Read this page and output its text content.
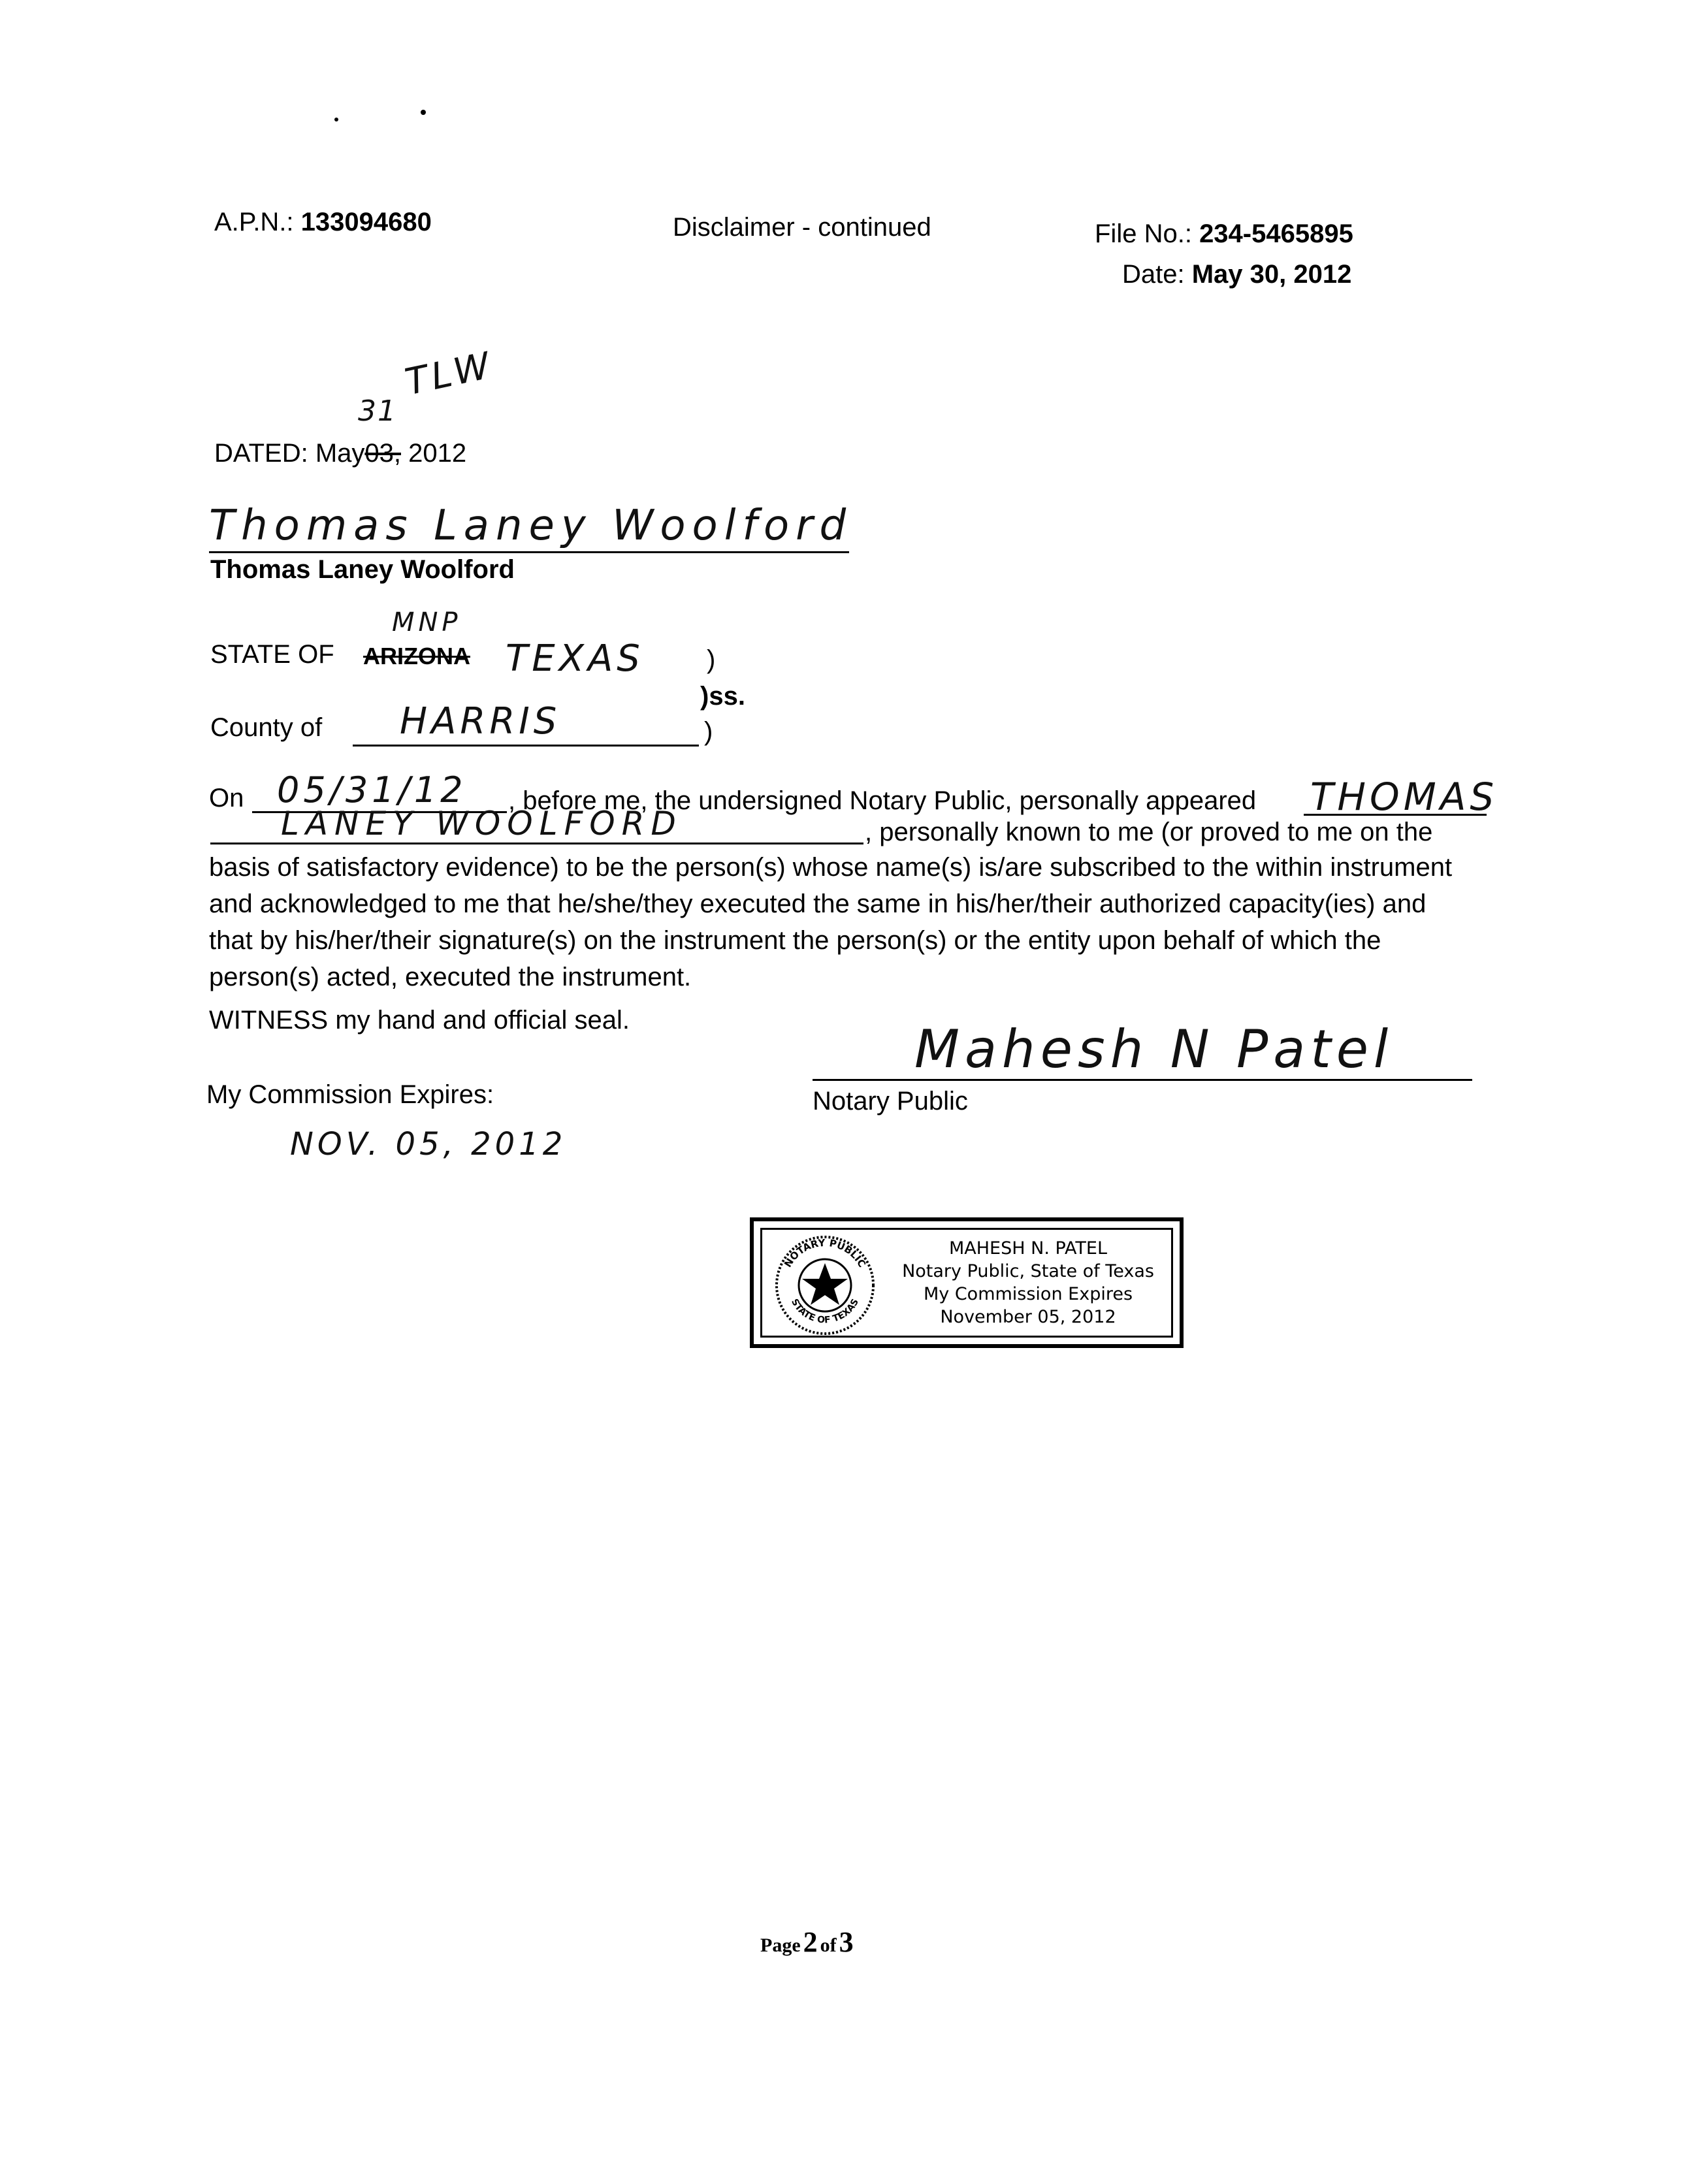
A.P.N.: 133094680	Disclaimer - continued	File No.: 234-5465895
Date: May 30, 2012
TLW
31
DATED: May03, 2012
Thomas Laney Woolford
Thomas Laney Woolford
MNP
STATE OF ARIZONA TEXAS )
)ss.
County of HARRIS	)
On 05/31/12 , before me, the undersigned Notary Public, personally appeared THOMAS
LANEY WOOLFORD	, personally known to me (or proved to me on the
basis of satisfactory evidence) to be the person(s) whose name(s) is/are subscribed to the within instrument and acknowledged to me that he/she/they executed the same in his/her/their authorized capacity(ies) and that by his/her/their signature(s) on the instrument the person(s) or the entity upon behalf of which the person(s) acted, executed the instrument.
WITNESS my hand and official seal.	Mahesh N Patel
My Commission Expires:	Notary Public
NOV. 05, 2012
NOTARY PUBLIC
STATE OF TEXAS
MAHESH N. PATEL
Notary Public, State of Texas
My Commission Expires
November 05, 2012
Page 2 of 3
